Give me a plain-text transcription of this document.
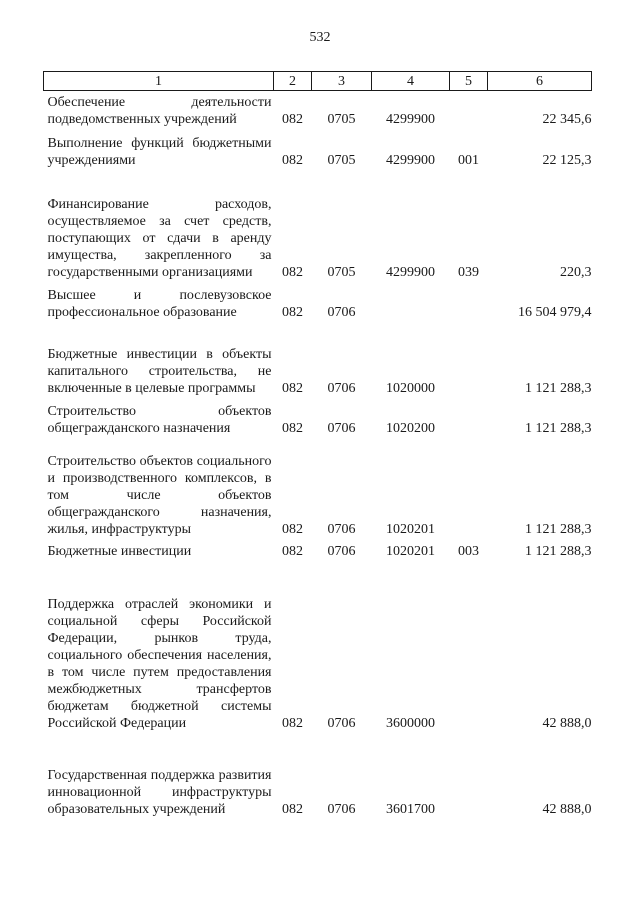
532
1	2	3	4	5	6
Обеспечение деятельности подведомственных учреждений	082	0705	4299900		22 345,6
Выполнение функций бюджетными учреждениями	082	0705	4299900	001	22 125,3
Финансирование расходов, осуществляемое за счет средств, поступающих от сдачи в аренду имущества, закрепленного за государственными организациями	082	0705	4299900	039	220,3
Высшее и послевузовское профессиональное образование	082	0706			16 504 979,4
Бюджетные инвестиции в объекты капитального строительства, не включенные в целевые программы	082	0706	1020000		1 121 288,3
Строительство объектов общегражданского назначения	082	0706	1020200		1 121 288,3
Строительство объектов социального и производственного комплексов, в том числе объектов общегражданского назначения, жилья, инфраструктуры	082	0706	1020201		1 121 288,3
Бюджетные инвестиции	082	0706	1020201	003	1 121 288,3
Поддержка отраслей экономики и социальной сферы Российской Федерации, рынков труда, социального обеспечения населения, в том числе путем предоставления межбюджетных трансфертов бюджетам бюджетной системы Российской Федерации	082	0706	3600000		42 888,0
Государственная поддержка развития инновационной инфраструктуры образовательных учреждений	082	0706	3601700		42 888,0
